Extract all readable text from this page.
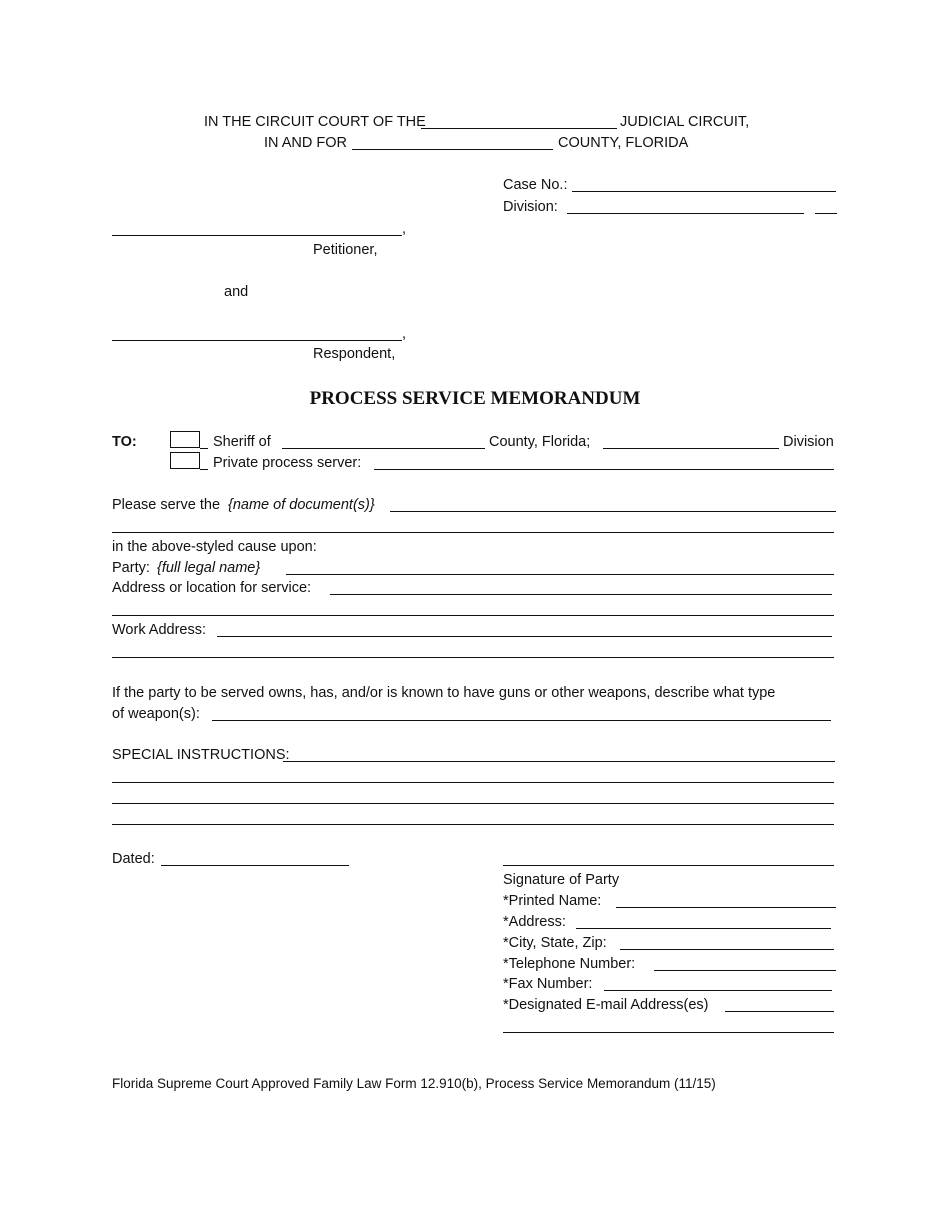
IN THE CIRCUIT COURT OF THE	JUDICIAL CIRCUIT,
IN AND FOR	COUNTY, FLORIDA
Case No.:
Division:
,
Petitioner,
and
,
Respondent,
PROCESS SERVICE MEMORANDUM
TO:	Sheriff of	County, Florida;	Division
Private process server:
Please serve the {name of document(s)}
in the above-styled cause upon:
Party: {full legal name}
Address or location for service:
Work Address:
If the party to be served owns, has, and/or is known to have guns or other weapons, describe what type
of weapon(s):
SPECIAL INSTRUCTIONS:
Dated:
Signature of Party
*Printed Name:
*Address:
*City, State, Zip:
*Telephone Number:
*Fax Number:
*Designated E-mail Address(es)
Florida Supreme Court Approved Family Law Form 12.910(b), Process Service Memorandum (11/15)
